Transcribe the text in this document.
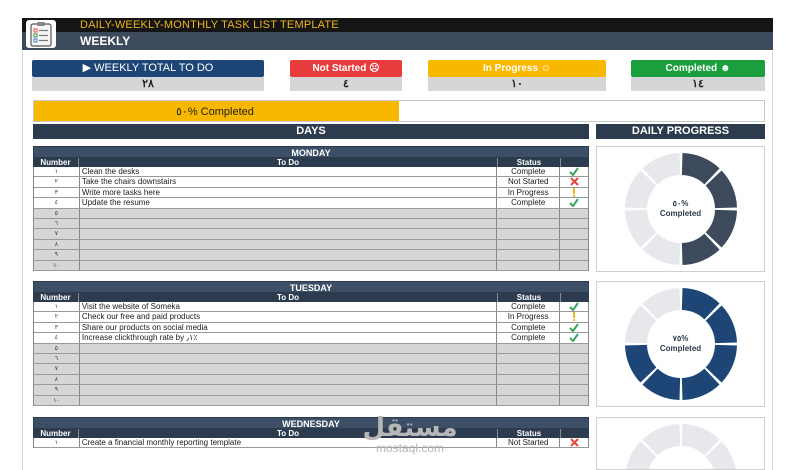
DAILY-WEEKLY-MONTHLY TASK LIST TEMPLATE
WEEKLY
▶ WEEKLY TOTAL TO DO
٢٨
Not Started ☹
٤
In Progress ☺
١٠
Completed ☻
١٤
٥٠% Completed
DAYS	DAILY PROGRESS
MONDAY
Number	To Do	Status
١	Clean the desks	Complete
٢	Take the chairs downstairs	Not Started
٣	Write more tasks here	In Progress
٤	Update the resume	Complete
٥
٦
٧
٨
٩
١٠
TUESDAY
Number	To Do	Status
١	Visit the website of Someka	Complete
٢	Check our free and paid products	In Progress
٣	Share our products on social media	Complete
٤	Increase clickthrough rate by ٫١٪	Complete
٥
٦
٧
٨
٩
١٠
WEDNESDAY
Number	To Do	Status
١	Create a financial monthly reporting template	Not Started
٥٠%
Completed
٧٥%
Completed
مستقل
mostaql.com
